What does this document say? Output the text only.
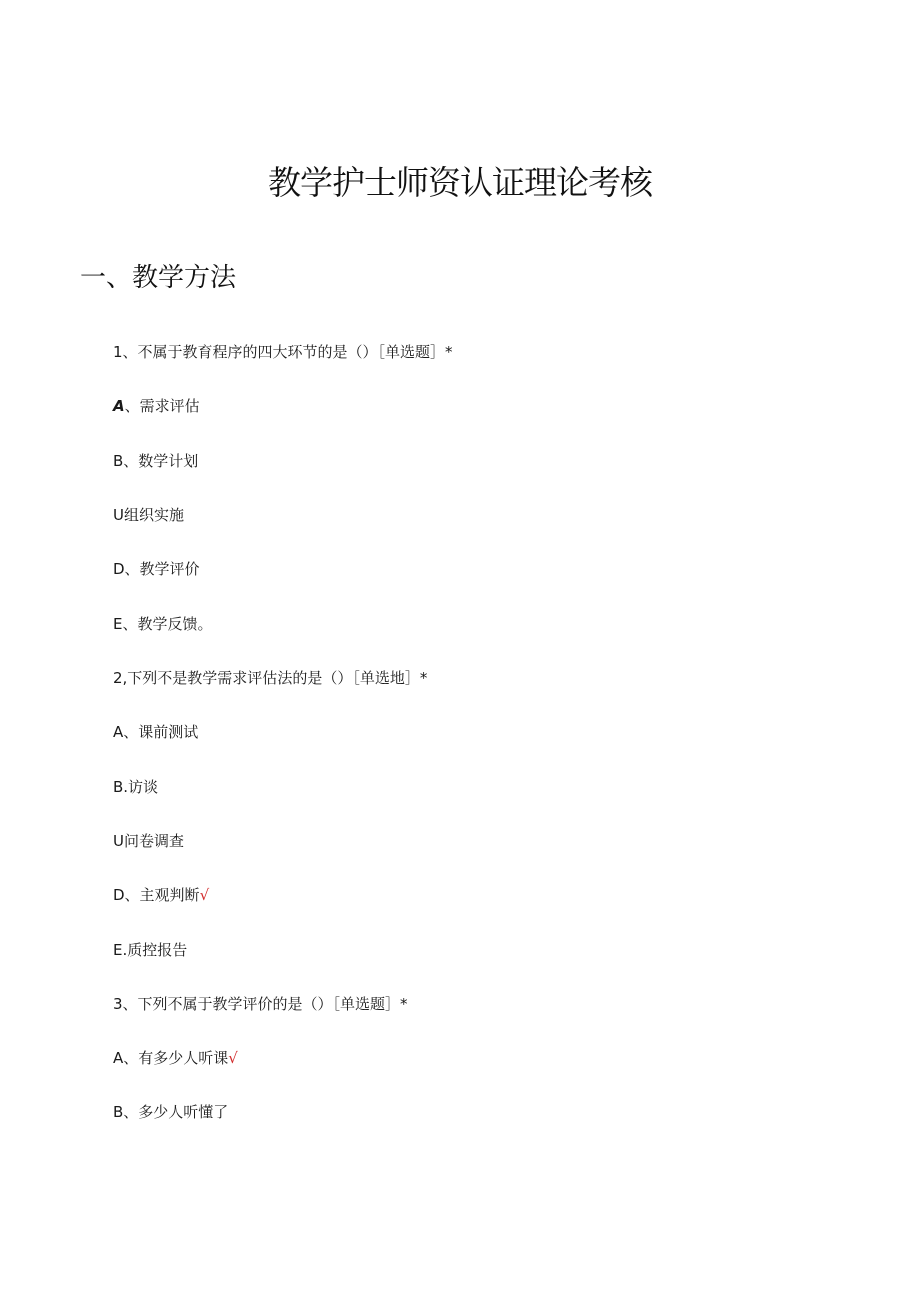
教学护士师资认证理论考核
一、教学方法
1、不属于教育程序的四大环节的是（）［单选题］*
A、需求评估
B、数学计划
U组织实施
D、教学评价
E、教学反馈。
2,下列不是教学需求评估法的是（）［单选地］*
A、课前测试
B.访谈
U问卷调查
D、主观判断√
E.质控报告
3、下列不属于教学评价的是（）［单选题］*
A、有多少人听课√
B、多少人听懂了
